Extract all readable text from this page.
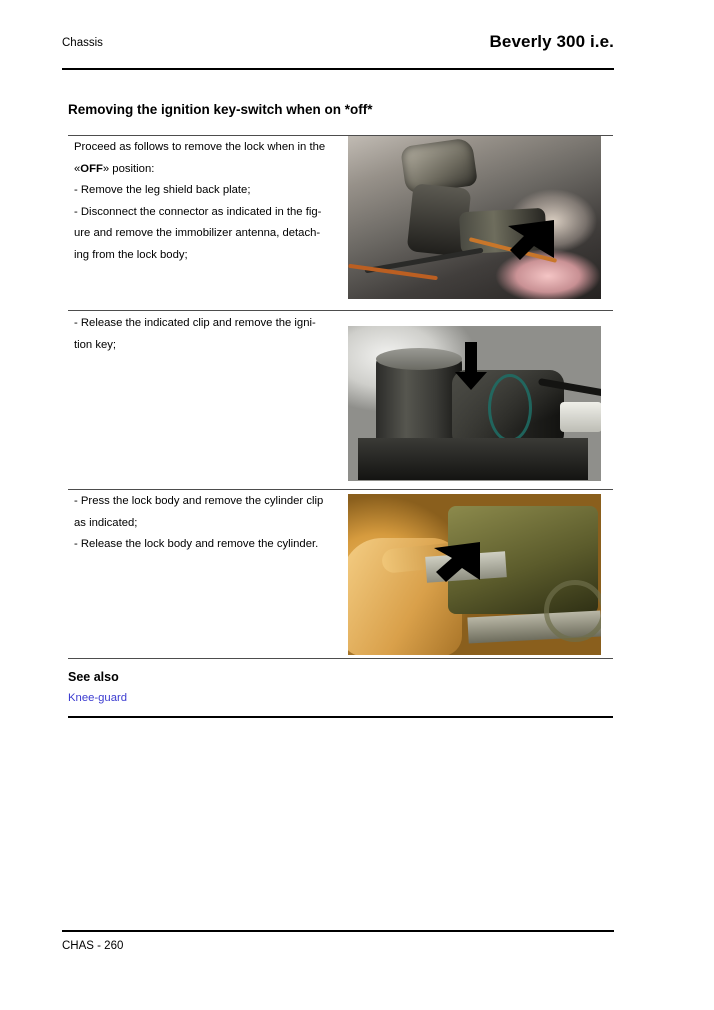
Chassis	Beverly 300 i.e.
Removing the ignition key-switch when on *off*

Proceed as follows to remove the lock when in the

«OFF» position:

- Remove the leg shield back plate;

- Disconnect the connector as indicated in the fig-

ure and remove the immobilizer antenna, detach-

ing from the lock body;

- Release the indicated clip and remove the igni-

tion key;

- Press the lock body and remove the cylinder clip

as indicated;

- Release the lock body and remove the cylinder.

See also
Knee-guard
CHAS - 260
